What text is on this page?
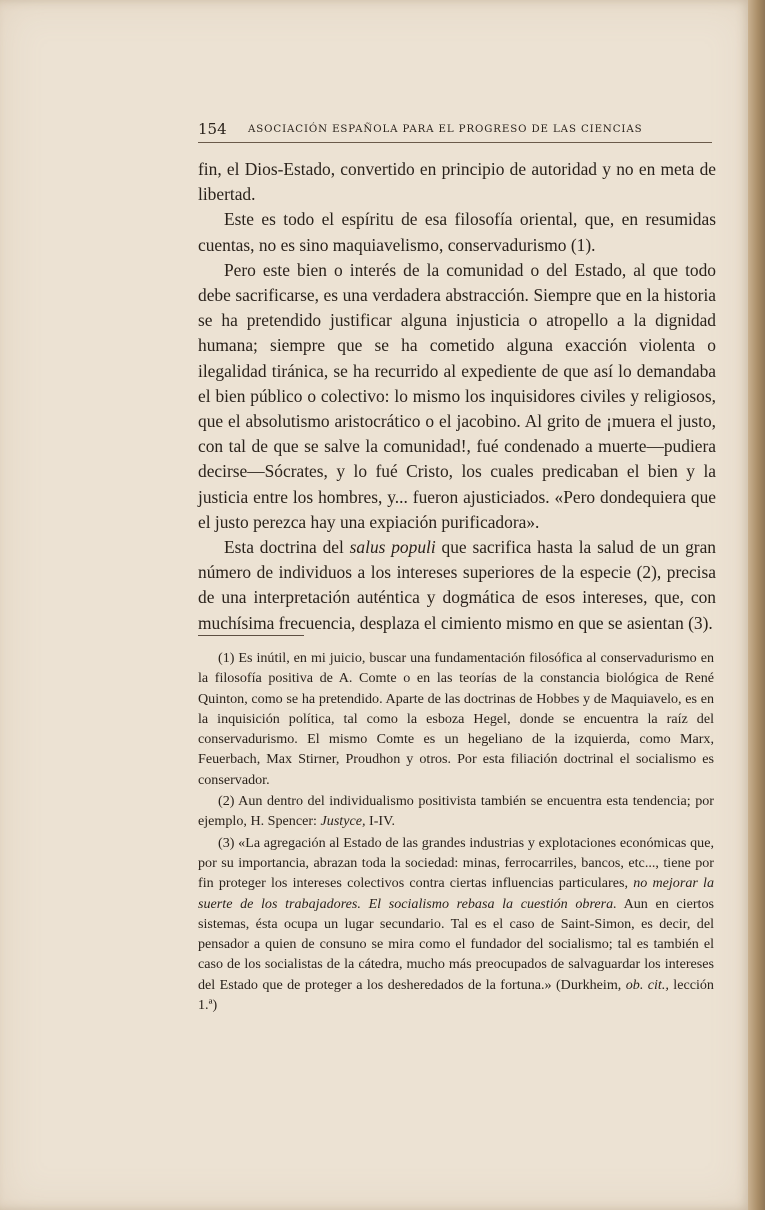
154 ASOCIACIÓN ESPAÑOLA PARA EL PROGRESO DE LAS CIENCIAS

fin, el Dios-Estado, convertido en principio de autoridad y no en meta de libertad.

Este es todo el espíritu de esa filosofía oriental, que, en resumidas cuentas, no es sino maquiavelismo, conservadurismo (1).

Pero este bien o interés de la comunidad o del Estado, al que todo debe sacrificarse, es una verdadera abstracción. Siempre que en la historia se ha pretendido justificar alguna injusticia o atropello a la dignidad humana; siempre que se ha cometido alguna exacción violenta o ilegalidad tiránica, se ha recurrido al expediente de que así lo demandaba el bien público o colectivo: lo mismo los inquisidores civiles y religiosos, que el absolutismo aristocrático o el jacobino. Al grito de ¡muera el justo, con tal de que se salve la comunidad!, fué condenado a muerte—pudiera decirse—Sócrates, y lo fué Cristo, los cuales predicaban el bien y la justicia entre los hombres, y... fueron ajusticiados. «Pero dondequiera que el justo perezca hay una expiación purificadora».

Esta doctrina del salus populi que sacrifica hasta la salud de un gran número de individuos a los intereses superiores de la especie (2), precisa de una interpretación auténtica y dogmática de esos intereses, que, con muchísima frecuencia, desplaza el cimiento mismo en que se asientan (3).

(1) Es inútil, en mi juicio, buscar una fundamentación filosófica al conservadurismo en la filosofía positiva de A. Comte o en las teorías de la constancia biológica de René Quinton, como se ha pretendido. Aparte de las doctrinas de Hobbes y de Maquiavelo, es en la inquisición política, tal como la esboza Hegel, donde se encuentra la raíz del conservadurismo. El mismo Comte es un hegeliano de la izquierda, como Marx, Feuerbach, Max Stirner, Proudhon y otros. Por esta filiación doctrinal el socialismo es conservador.

(2) Aun dentro del individualismo positivista también se encuentra esta tendencia; por ejemplo, H. Spencer: Justyce, I-IV.

(3) «La agregación al Estado de las grandes industrias y explotaciones económicas que, por su importancia, abrazan toda la sociedad: minas, ferrocarriles, bancos, etc..., tiene por fin proteger los intereses colectivos contra ciertas influencias particulares, no mejorar la suerte de los trabajadores. El socialismo rebasa la cuestión obrera. Aun en ciertos sistemas, ésta ocupa un lugar secundario. Tal es el caso de Saint-Simon, es decir, del pensador a quien de consuno se mira como el fundador del socialismo; tal es también el caso de los socialistas de la cátedra, mucho más preocupados de salvaguardar los intereses del Estado que de proteger a los desheredados de la fortuna.» (Durkheim, ob. cit., lección 1.ª)
